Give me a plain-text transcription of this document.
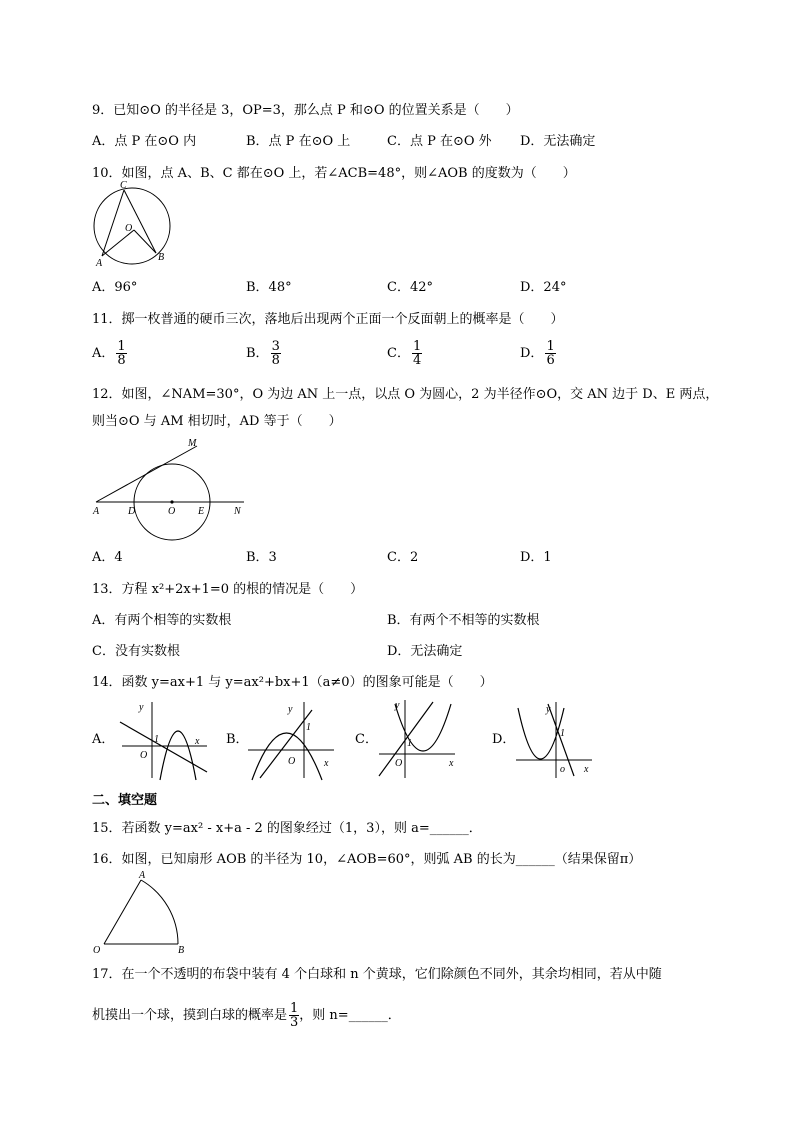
9．已知⊙O 的半径是 3，OP=3，那么点 P 和⊙O 的位置关系是（　　）
A．点 P 在⊙O 内	B．点 P 在⊙O 上	C．点 P 在⊙O 外 D．无法确定
10．如图，点 A、B、C 都在⊙O 上，若∠ACB=48°，则∠AOB 的度数为（　　）
C
O
A
B
A．96°	B．48°	C．42°	D．24°
11．掷一枚普通的硬币三次，落地后出现两个正面一个反面朝上的概率是（　　）
A． $\frac{1}{8}$	B． $\frac{3}{8}$	C． $\frac{1}{4}$	D． $\frac{1}{6}$
12．如图，∠NAM=30°，O 为边 AN 上一点，以点 O 为圆心，2 为半径作⊙O，交 AN 边于 D、E 两点，
则当⊙O 与 AM 相切时，AD 等于（　　）
M
A	D	O E	N
A．4	B．3	C．2	D．1
13．方程 x²+2x+1=0 的根的情况是（　　）
A．有两个相等的实数根	B．有两个不相等的实数根
C．没有实数根	D．无法确定
14．函数 y=ax+1 与 y=ax²+bx+1（a≠0）的图象可能是（　　）
A．
y
x
O
1	B．
y
x
O
1
C．
y
x
O
1	D．
y
x
o
1
二、填空题
15．若函数 y=ax² - x+a - 2 的图象经过（1，3），则 a=______．
16．如图，已知扇形 AOB 的半径为 10，∠AOB=60°，则弧 AB 的长为______（结果保留π）
A
O	B
17．在一个不透明的布袋中装有 4 个白球和 n 个黄球，它们除颜色不同外，其余均相同，若从中随
机摸出一个球，摸到白球的概率是 $\frac{1}{3}$ ，则 n=______．
